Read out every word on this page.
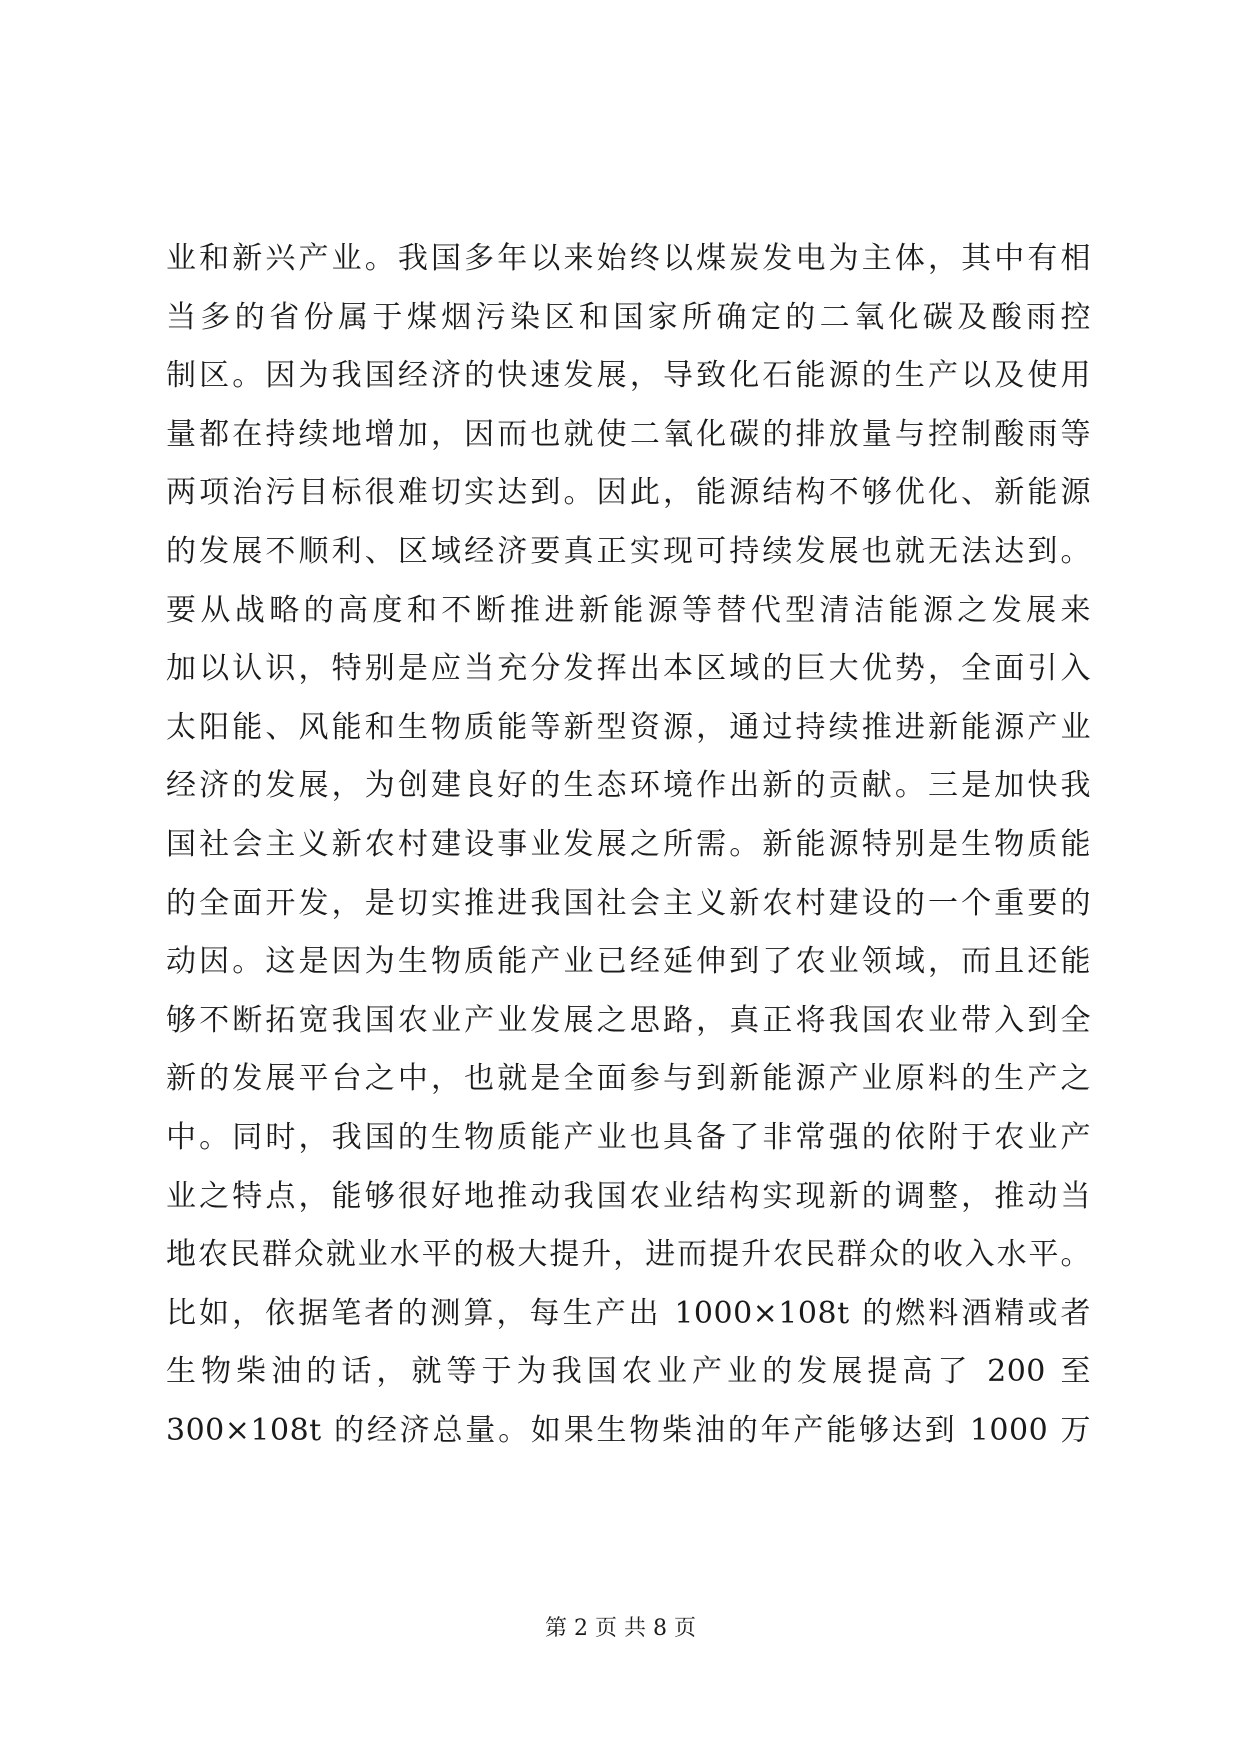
业和新兴产业。我国多年以来始终以煤炭发电为主体，其中有相
当多的省份属于煤烟污染区和国家所确定的二氧化碳及酸雨控
制区。因为我国经济的快速发展，导致化石能源的生产以及使用
量都在持续地增加，因而也就使二氧化碳的排放量与控制酸雨等
两项治污目标很难切实达到。因此，能源结构不够优化、新能源
的发展不顺利、区域经济要真正实现可持续发展也就无法达到。
要从战略的高度和不断推进新能源等替代型清洁能源之发展来
加以认识，特别是应当充分发挥出本区域的巨大优势，全面引入
太阳能、风能和生物质能等新型资源，通过持续推进新能源产业
经济的发展，为创建良好的生态环境作出新的贡献。三是加快我
国社会主义新农村建设事业发展之所需。新能源特别是生物质能
的全面开发，是切实推进我国社会主义新农村建设的一个重要的
动因。这是因为生物质能产业已经延伸到了农业领域，而且还能
够不断拓宽我国农业产业发展之思路，真正将我国农业带入到全
新的发展平台之中，也就是全面参与到新能源产业原料的生产之
中。同时，我国的生物质能产业也具备了非常强的依附于农业产
业之特点，能够很好地推动我国农业结构实现新的调整，推动当
地农民群众就业水平的极大提升，进而提升农民群众的收入水平。
比如，依据笔者的测算，每生产出 1000×108t 的燃料酒精或者
生物柴油的话，就等于为我国农业产业的发展提高了 200 至
300×108t 的经济总量。如果生物柴油的年产能够达到 1000 万
第 2 页 共 8 页
